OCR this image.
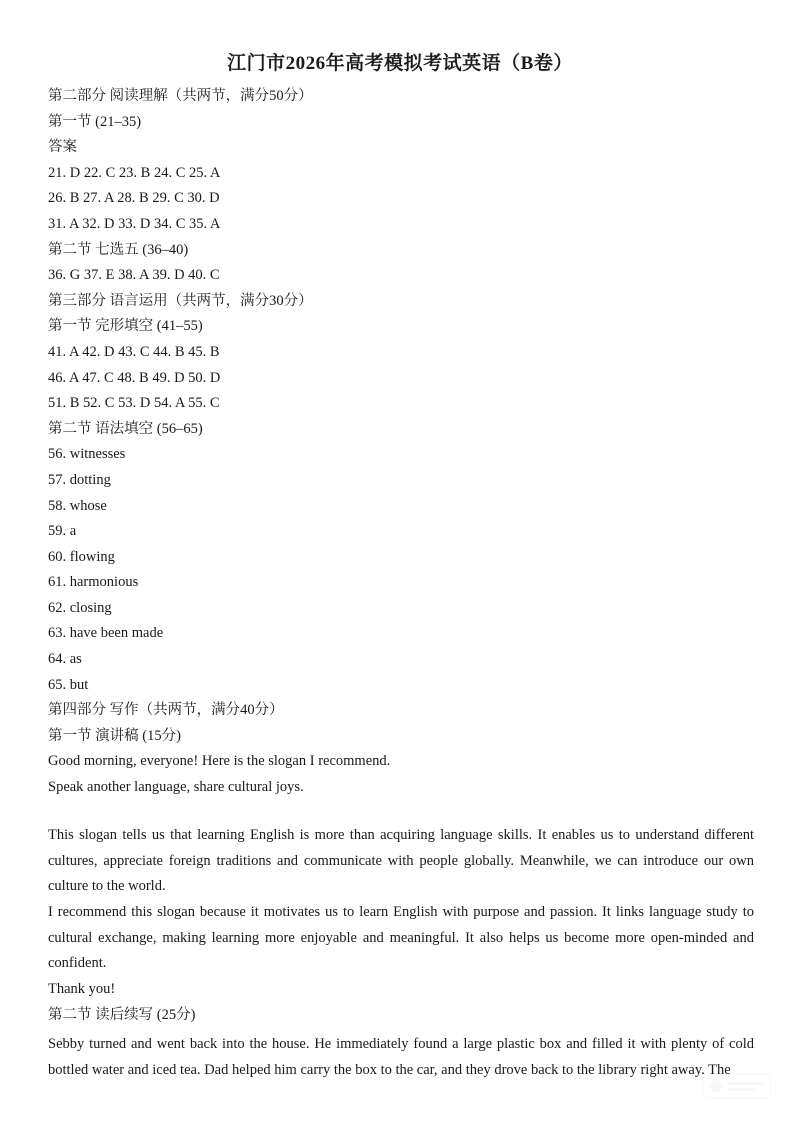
江门市2026年高考模拟考试英语（B卷）
第二部分 阅读理解（共两节，满分50分）
第一节 (21–35)
答案
21. D 22. C 23. B 24. C 25. A
26. B 27. A 28. B 29. C 30. D
31. A 32. D 33. D 34. C 35. A
第二节 七选五 (36–40)
36. G 37. E 38. A 39. D 40. C
第三部分 语言运用（共两节，满分30分）
第一节 完形填空 (41–55)
41. A 42. D 43. C 44. B 45. B
46. A 47. C 48. B 49. D 50. D
51. B 52. C 53. D 54. A 55. C
第二节 语法填空 (56–65)
56. witnesses
57. dotting
58. whose
59. a
60. flowing
61. harmonious
62. closing
63. have been made
64. as
65. but
第四部分 写作（共两节，满分40分）
第一节 演讲稿 (15分)
Good morning, everyone! Here is the slogan I recommend.
Speak another language, share cultural joys.
This slogan tells us that learning English is more than acquiring language skills. It enables us to understand different cultures, appreciate foreign traditions and communicate with people globally. Meanwhile, we can introduce our own culture to the world.
I recommend this slogan because it motivates us to learn English with purpose and passion. It links language study to cultural exchange, making learning more enjoyable and meaningful. It also helps us become more open-minded and confident.
Thank you!
第二节 读后续写 (25分)
Sebby turned and went back into the house. He immediately found a large plastic box and filled it with plenty of cold bottled water and iced tea. Dad helped him carry the box to the car, and they drove back to the library right away. The
